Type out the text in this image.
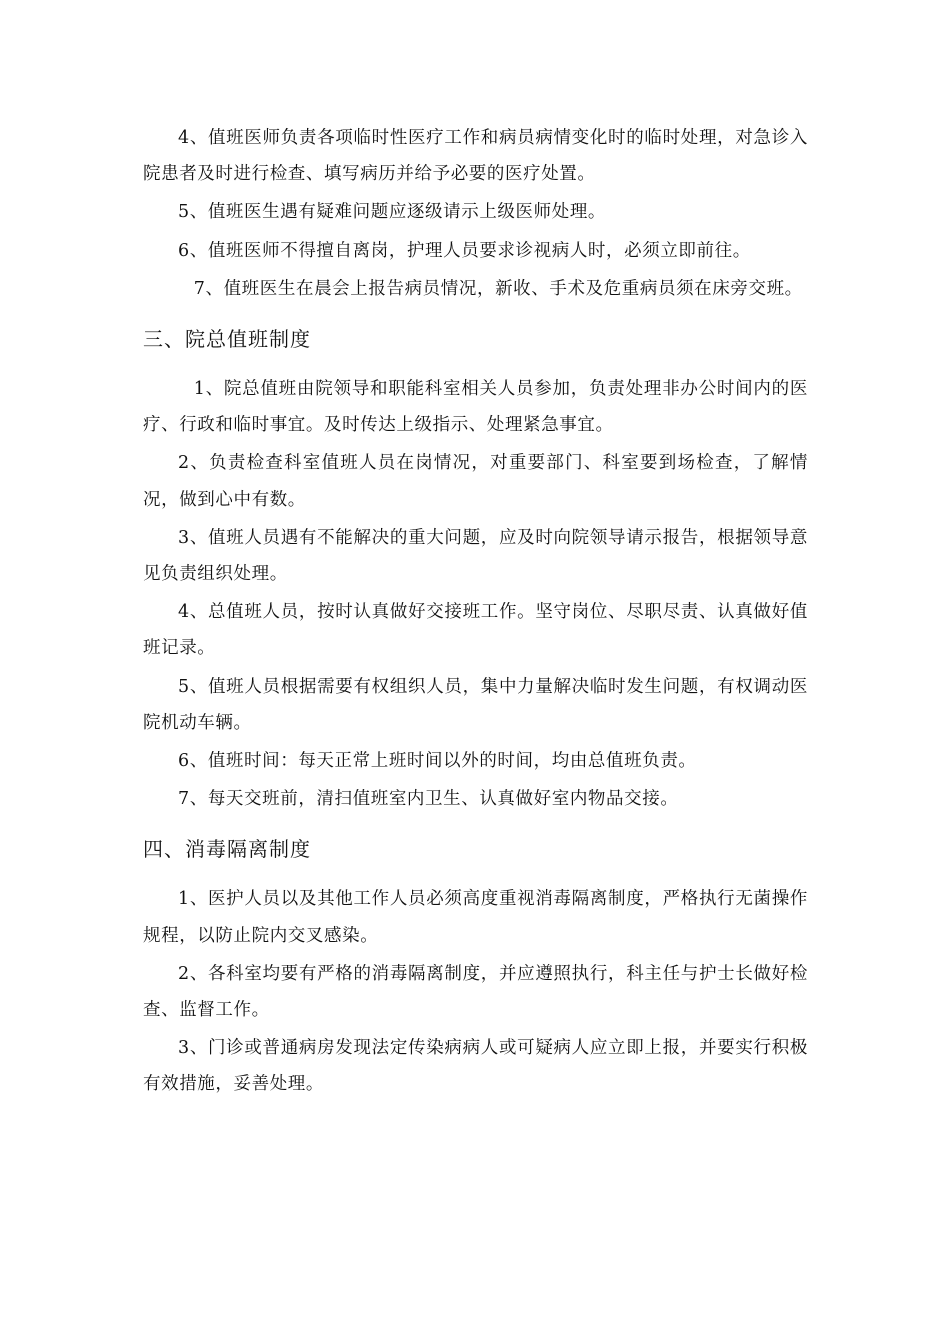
4、值班医师负责各项临时性医疗工作和病员病情变化时的临时处理，对急诊入院患者及时进行检查、填写病历并给予必要的医疗处置。

5、值班医生遇有疑难问题应逐级请示上级医师处理。

6、值班医师不得擅自离岗，护理人员要求诊视病人时，必须立即前往。

7、值班医生在晨会上报告病员情况，新收、手术及危重病员须在床旁交班。

三、院总值班制度

1、院总值班由院领导和职能科室相关人员参加，负责处理非办公时间内的医疗、行政和临时事宜。及时传达上级指示、处理紧急事宜。

2、负责检查科室值班人员在岗情况，对重要部门、科室要到场检查，了解情况，做到心中有数。

3、值班人员遇有不能解决的重大问题，应及时向院领导请示报告，根据领导意见负责组织处理。

4、总值班人员，按时认真做好交接班工作。坚守岗位、尽职尽责、认真做好值班记录。

5、值班人员根据需要有权组织人员，集中力量解决临时发生问题，有权调动医院机动车辆。

6、值班时间：每天正常上班时间以外的时间，均由总值班负责。

7、每天交班前，清扫值班室内卫生、认真做好室内物品交接。

四、消毒隔离制度

1、医护人员以及其他工作人员必须高度重视消毒隔离制度，严格执行无菌操作规程，以防止院内交叉感染。

2、各科室均要有严格的消毒隔离制度，并应遵照执行，科主任与护士长做好检查、监督工作。

3、门诊或普通病房发现法定传染病病人或可疑病人应立即上报，并要实行积极有效措施，妥善处理。
